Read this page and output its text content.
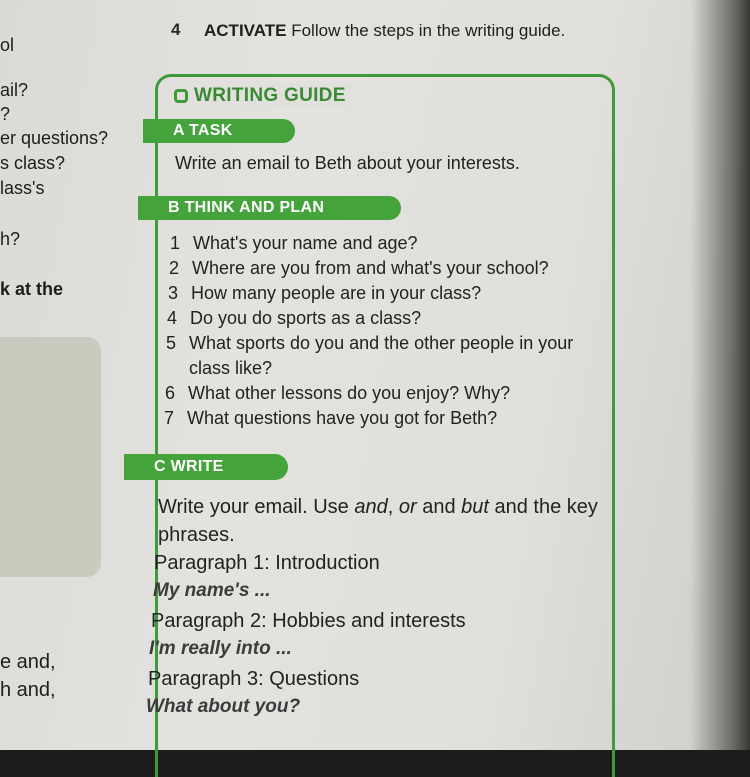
ol
ail?
?
er questions?
s class?
lass's
h?
k at the
e and,
h and,
4 ACTIVATE Follow the steps in the writing guide.
WRITING GUIDE
A TASK
Write an email to Beth about your interests.
B THINK AND PLAN
1 What's your name and age?
2 Where are you from and what's your school?
3 How many people are in your class?
4 Do you do sports as a class?
5 What sports do you and the other people in your class like?
6 What other lessons do you enjoy? Why?
7 What questions have you got for Beth?
C WRITE
Write your email. Use and, or and but and the key phrases.
Paragraph 1: Introduction
My name's ...
Paragraph 2: Hobbies and interests
I'm really into ...
Paragraph 3: Questions
What about you?
